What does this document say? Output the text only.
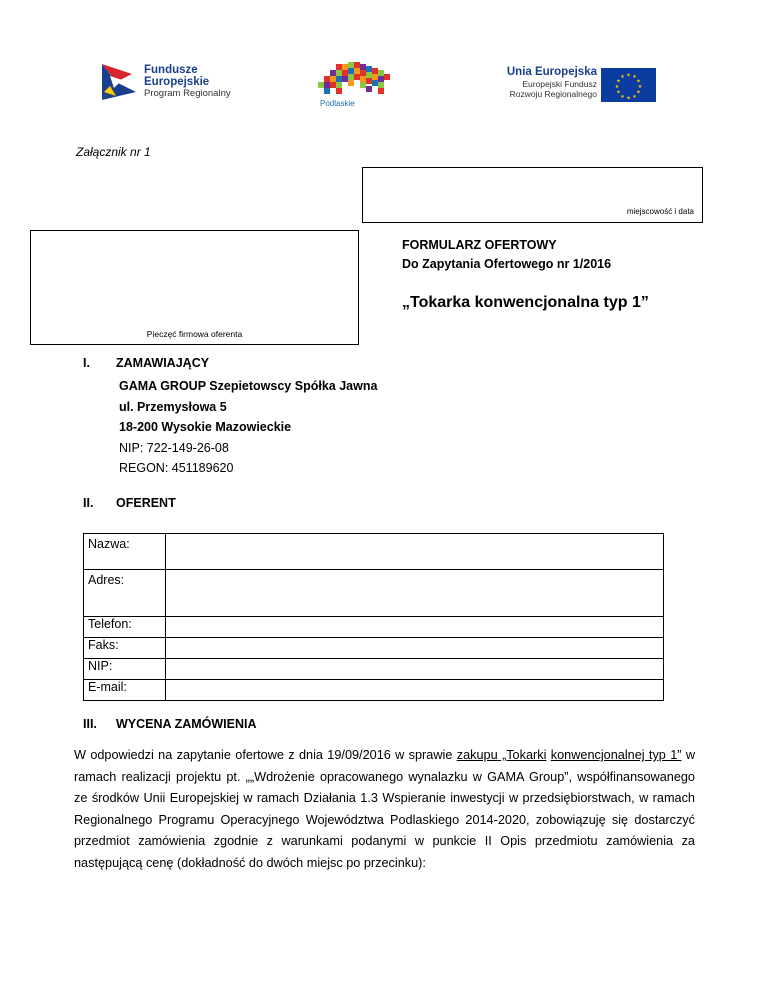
Fundusze
Europejskie
Program Regionalny
Podlaskie
Unia Europejska
Europejski Fundusz
Rozwoju Regionalnego
★ ★
★
★
★
★
★
★
★
★
★
★
Załącznik nr 1
miejscowość i data
Pieczęć firmowa oferenta
FORMULARZ OFERTOWY
Do Zapytania Ofertowego nr 1/2016
„Tokarka konwencjonalna typ 1”
I. ZAMAWIAJĄCY
GAMA GROUP Szepietowscy Spółka Jawna
ul. Przemysłowa 5
18-200 Wysokie Mazowieckie
NIP: 722-149-26-08
REGON: 451189620
II. OFERENT
Nazwa:	
Adres:	
Telefon:	
Faks:	
NIP:	
E-mail:	
III. WYCENA ZAMÓWIENIA
W odpowiedzi na zapytanie ofertowe z dnia 19/09/2016 w sprawie zakupu „Tokarki konwencjonalnej typ 1” w ramach realizacji projektu pt. „„Wdrożenie opracowanego wynalazku w GAMA Group”, współfinansowanego ze środków Unii Europejskiej w ramach Działania 1.3 Wspieranie inwestycji w przedsiębiorstwach, w ramach Regionalnego Programu Operacyjnego Województwa Podlaskiego 2014-2020, zobowiązuję się dostarczyć przedmiot zamówienia zgodnie z warunkami podanymi w punkcie II Opis przedmiotu zamówienia za następującą cenę (dokładność do dwóch miejsc po przecinku):
